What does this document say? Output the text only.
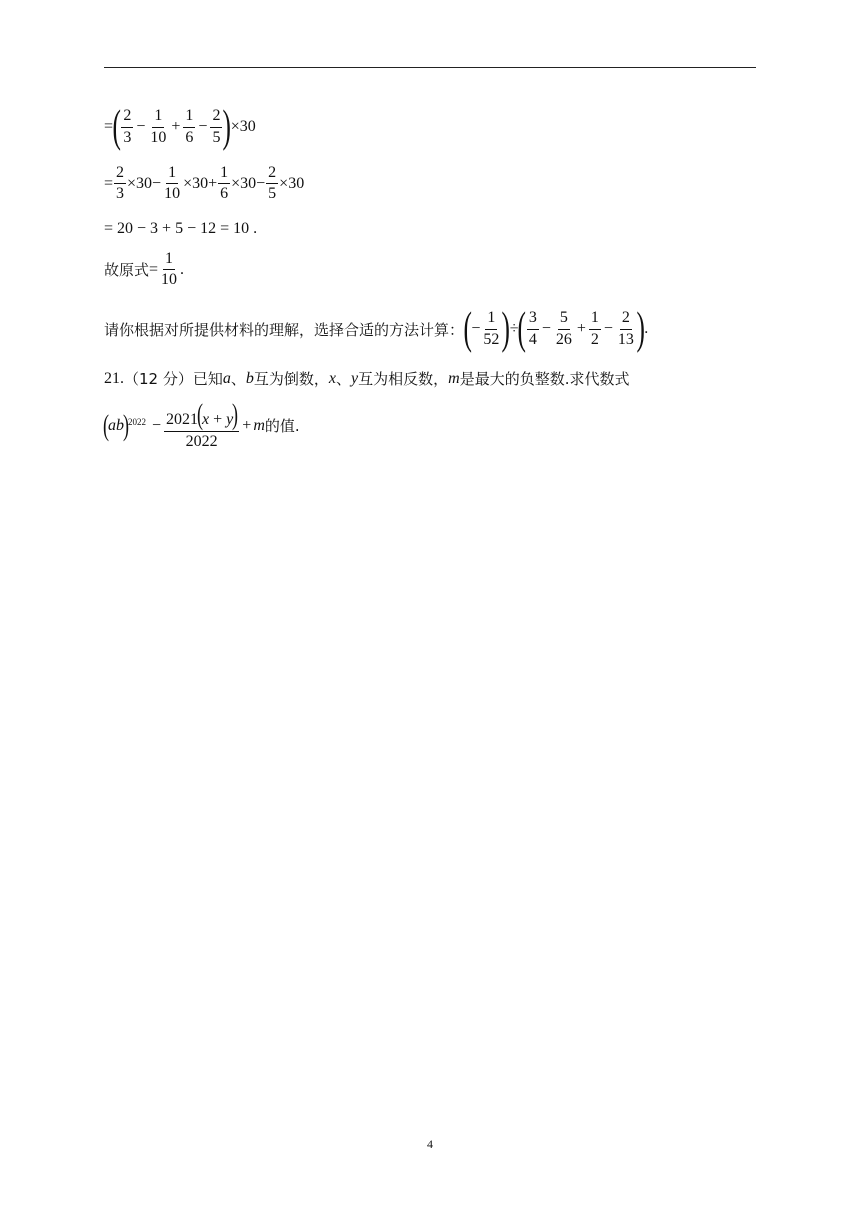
= ( $\frac{2}{3} - \frac{1}{10} + \frac{1}{6} - \frac{2}{5}$ ) ×30
= $\frac{2}{3} \times 30- \frac{1}{10} \times 30+ \frac{1}{6} \times 30- \frac{2}{5} \times 30$
= 20 − 3 + 5 − 12 = 10 .
故原式 = $\frac{1}{10}$ .
请你根据对所提供材料的理解，选择合适的方法计算： ( − $\frac{1}{52}$ ) ÷ ( $\frac{3}{4} - \frac{5}{26} + \frac{1}{2} - \frac{2}{13}$ ) .
21. （12 分） 已知 a 、 b 互为倒数， x 、 y 互为相反数， m 是最大的负整数.求代数式
( ab )$^{2022} - \frac{2021(x + y)}{2022} + m$ 的值.
4
